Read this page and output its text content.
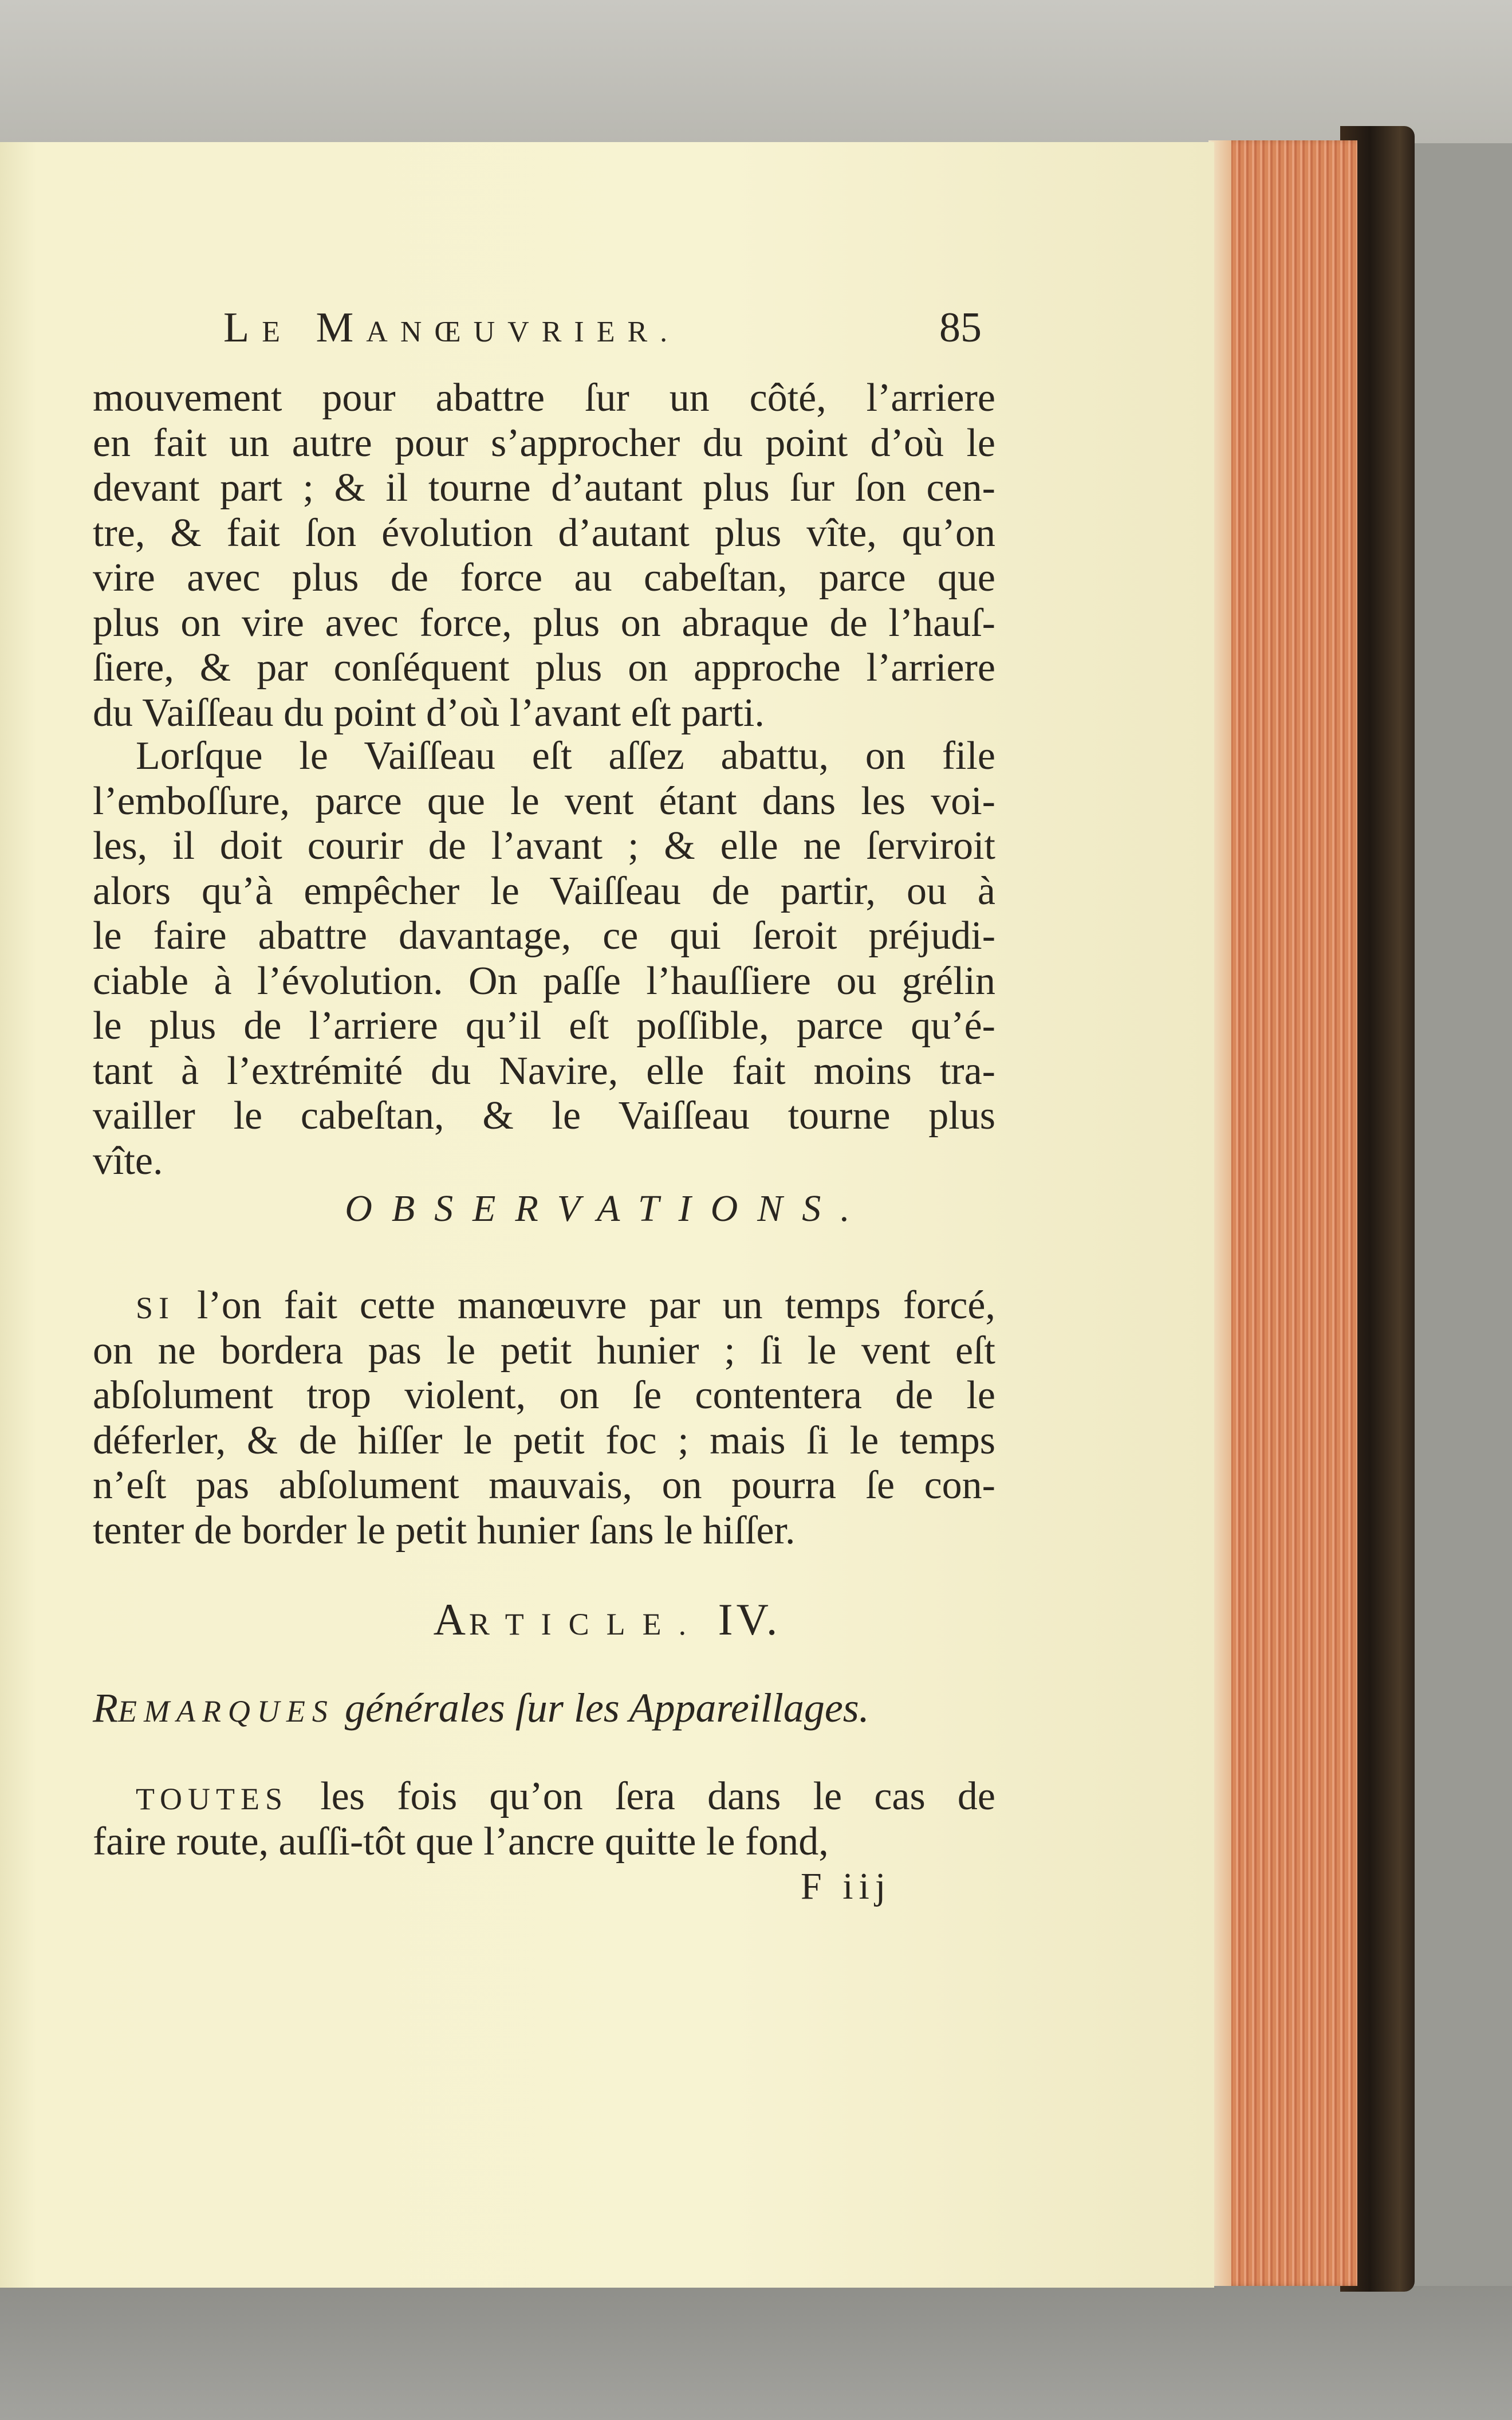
LE MANŒUVRIER.	85
mouvement pour abattre ſur un côté, l’arriere
en fait un autre pour s’approcher du point d’où le
devant part ; & il tourne d’autant plus ſur ſon cen-
tre, & fait ſon évolution d’autant plus vîte, qu’on
vire avec plus de force au cabeſtan, parce que
plus on vire avec force, plus on abraque de l’hauſ-
ſiere, & par conſéquent plus on approche l’arriere
du Vaiſſeau du point d’où l’avant eſt parti.
Lorſque le Vaiſſeau eſt aſſez abattu, on file
l’emboſſure, parce que le vent étant dans les voi-
les, il doit courir de l’avant ; & elle ne ſerviroit
alors qu’à empêcher le Vaiſſeau de partir, ou à
le faire abattre davantage, ce qui ſeroit préjudi-
ciable à l’évolution. On paſſe l’hauſſiere ou grélin
le plus de l’arriere qu’il eſt poſſible, parce qu’é-
tant à l’extrémité du Navire, elle fait moins tra-
vailler le cabeſtan, & le Vaiſſeau tourne plus
vîte.
OBSERVATIONS.
SI l’on fait cette manœuvre par un temps forcé,
on ne bordera pas le petit hunier ; ſi le vent eſt
abſolument trop violent, on ſe contentera de le
déferler, & de hiſſer le petit foc ; mais ſi le temps
n’eſt pas abſolument mauvais, on pourra ſe con-
tenter de border le petit hunier ſans le hiſſer.
ARTICLE. IV.
REMARQUES générales ſur les Appareillages.
TOUTES les fois qu’on ſera dans le cas de
faire route, auſſi-tôt que l’ancre quitte le fond,
F iij
